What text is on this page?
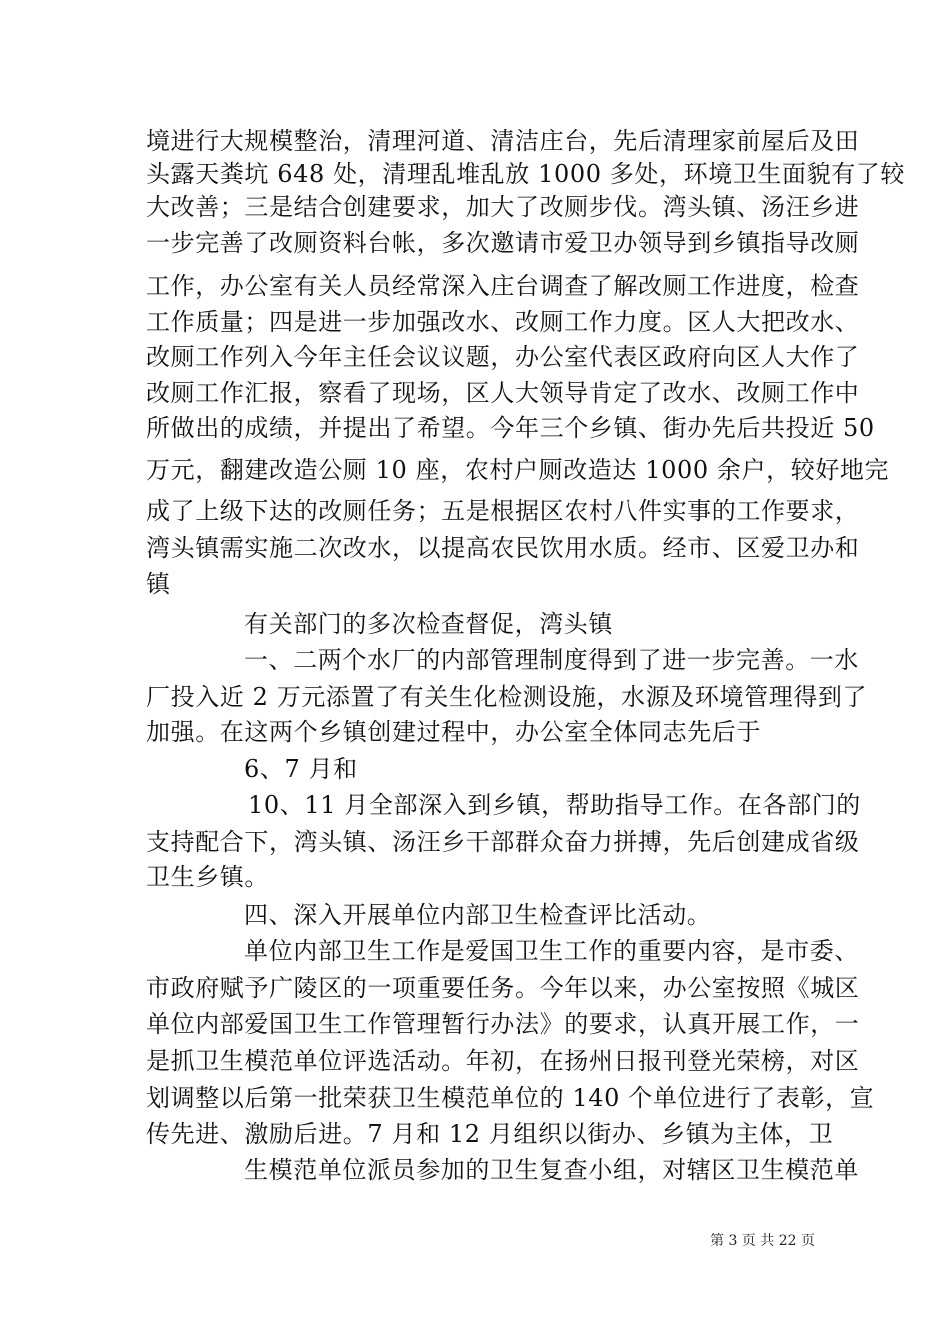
境进行大规模整治，清理河道、清洁庄台，先后清理家前屋后及田
头露天粪坑 648 处，清理乱堆乱放 1000 多处，环境卫生面貌有了较
大改善；三是结合创建要求，加大了改厕步伐。湾头镇、汤汪乡进
一步完善了改厕资料台帐，多次邀请市爱卫办领导到乡镇指导改厕
工作，办公室有关人员经常深入庄台调查了解改厕工作进度，检查
工作质量；四是进一步加强改水、改厕工作力度。区人大把改水、
改厕工作列入今年主任会议议题，办公室代表区政府向区人大作了
改厕工作汇报，察看了现场，区人大领导肯定了改水、改厕工作中
所做出的成绩，并提出了希望。今年三个乡镇、街办先后共投近 50
万元，翻建改造公厕 10 座，农村户厕改造达 1000 余户，较好地完
成了上级下达的改厕任务；五是根据区农村八件实事的工作要求，
湾头镇需实施二次改水，以提高农民饮用水质。经市、区爱卫办和
镇
有关部门的多次检查督促，湾头镇
一、二两个水厂的内部管理制度得到了进一步完善。一水
厂投入近 2 万元添置了有关生化检测设施，水源及环境管理得到了
加强。在这两个乡镇创建过程中，办公室全体同志先后于
6、7 月和
10、11 月全部深入到乡镇，帮助指导工作。在各部门的
支持配合下，湾头镇、汤汪乡干部群众奋力拼搏，先后创建成省级
卫生乡镇。
四、深入开展单位内部卫生检查评比活动。
单位内部卫生工作是爱国卫生工作的重要内容，是市委、
市政府赋予广陵区的一项重要任务。今年以来，办公室按照《城区
单位内部爱国卫生工作管理暂行办法》的要求，认真开展工作，一
是抓卫生模范单位评选活动。年初，在扬州日报刊登光荣榜，对区
划调整以后第一批荣获卫生模范单位的 140 个单位进行了表彰，宣
传先进、激励后进。7 月和 12 月组织以街办、乡镇为主体，卫
生模范单位派员参加的卫生复查小组，对辖区卫生模范单
第 3 页 共 22 页
